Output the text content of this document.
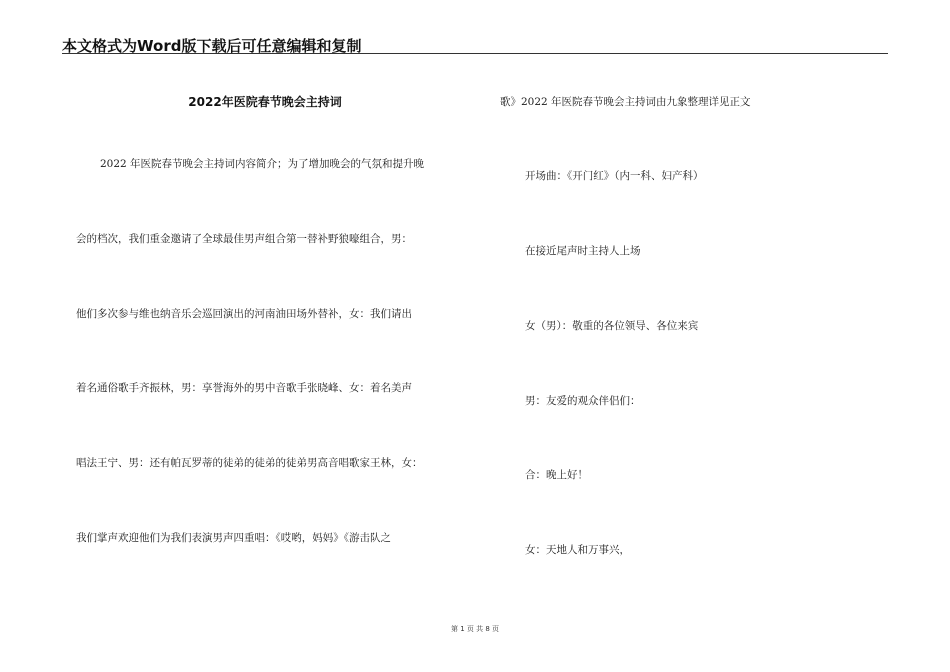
本文格式为Word版下载后可任意编辑和复制
2022年医院春节晚会主持词
2022 年医院春节晚会主持词内容简介；为了增加晚会的气氛和提升晚
会的档次，我们重金邀请了全球最佳男声组合第一替补野狼嚎组合，男：
他们多次参与维也纳音乐会巡回演出的河南油田场外替补，女：我们请出
着名通俗歌手齐振林，男：享誉海外的男中音歌手张晓峰、女：着名美声
唱法王宁、男：还有帕瓦罗蒂的徒弟的徒弟的徒弟男高音唱歌家王林，女：
我们掌声欢迎他们为我们表演男声四重唱：《哎哟，妈妈》《游击队之
歌》2022 年医院春节晚会主持词由九象整理详见正文
开场曲：《开门红》（内一科、妇产科）
在接近尾声时主持人上场
女（男）：敬重的各位领导、各位来宾
男：友爱的观众伴侣们：
合：晚上好！
女：天地人和万事兴，
第 1 页 共 8 页
